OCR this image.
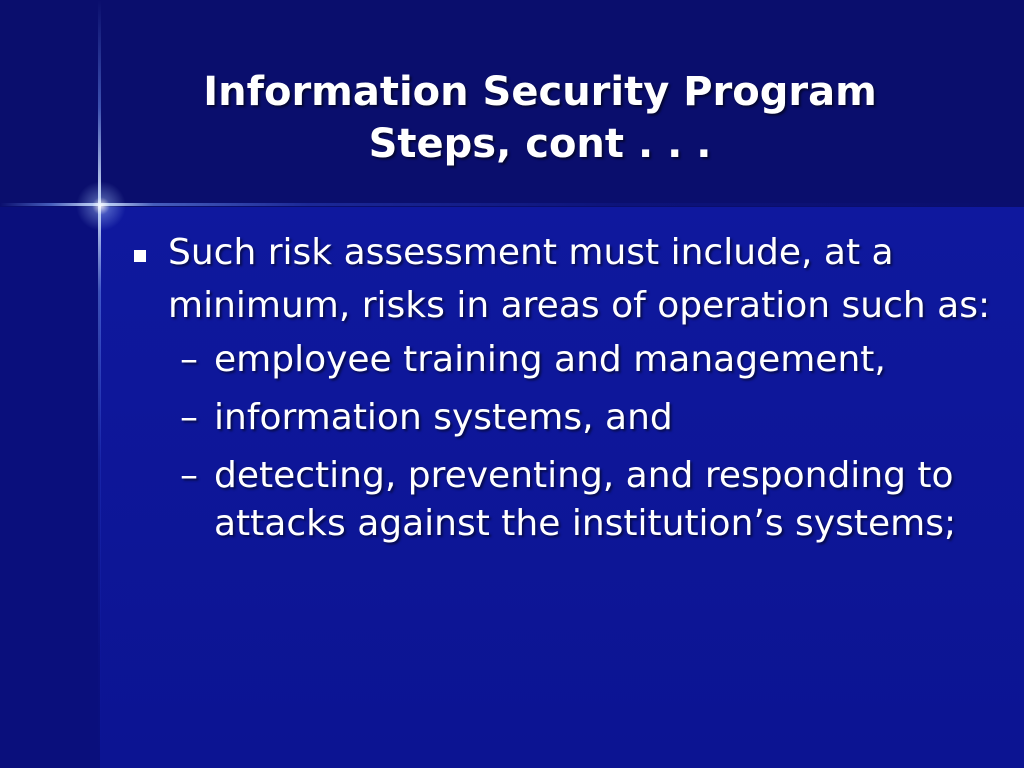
Information Security Program
Steps, cont . . .

Such risk assessment must include, at a minimum, risks in areas of operation such as:

– employee training and management,
– information systems, and
– detecting, preventing, and responding to attacks against the institution’s systems;
